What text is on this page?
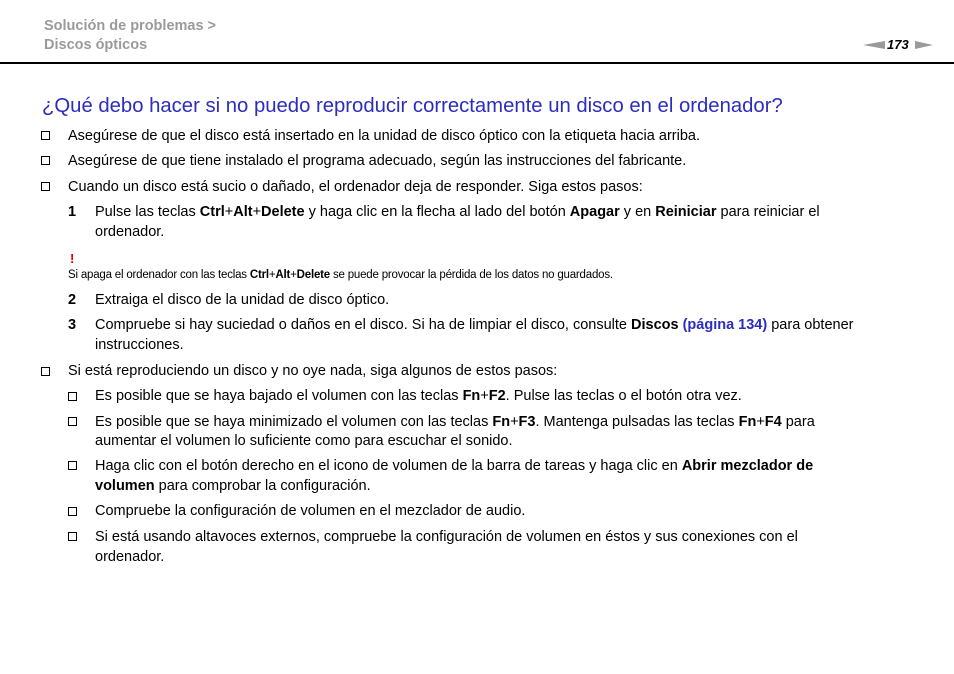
Solución de problemas >
Discos ópticos	173
¿Qué debo hacer si no puedo reproducir correctamente un disco en el ordenador?
Asegúrese de que el disco está insertado en la unidad de disco óptico con la etiqueta hacia arriba.
Asegúrese de que tiene instalado el programa adecuado, según las instrucciones del fabricante.
Cuando un disco está sucio o dañado, el ordenador deja de responder. Siga estos pasos:
1 Pulse las teclas Ctrl+Alt+Delete y haga clic en la flecha al lado del botón Apagar y en Reiniciar para reiniciar el
ordenador.
!
Si apaga el ordenador con las teclas Ctrl+Alt+Delete se puede provocar la pérdida de los datos no guardados.
2 Extraiga el disco de la unidad de disco óptico.
3 Compruebe si hay suciedad o daños en el disco. Si ha de limpiar el disco, consulte Discos (página 134) para obtener
instrucciones.
Si está reproduciendo un disco y no oye nada, siga algunos de estos pasos:
Es posible que se haya bajado el volumen con las teclas Fn+F2. Pulse las teclas o el botón otra vez.
Es posible que se haya minimizado el volumen con las teclas Fn+F3. Mantenga pulsadas las teclas Fn+F4 para
aumentar el volumen lo suficiente como para escuchar el sonido.
Haga clic con el botón derecho en el icono de volumen de la barra de tareas y haga clic en Abrir mezclador de
volumen para comprobar la configuración.
Compruebe la configuración de volumen en el mezclador de audio.
Si está usando altavoces externos, compruebe la configuración de volumen en éstos y sus conexiones con el
ordenador.
